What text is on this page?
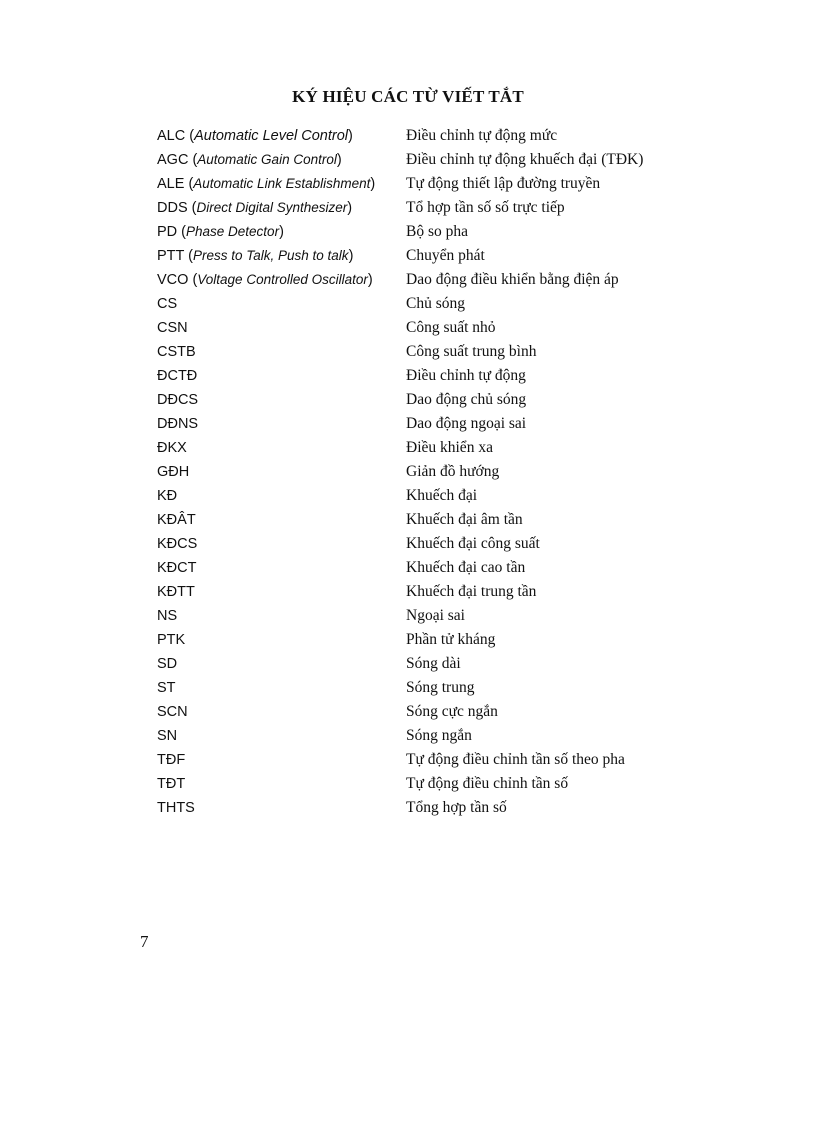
KÝ HIỆU CÁC TỪ VIẾT TẮT
ALC (Automatic Level Control)	Điều chỉnh tự động mức
AGC (Automatic Gain Control)	Điều chỉnh tự động khuếch đại (TĐK)
ALE (Automatic Link Establishment)	Tự động thiết lập đường truyền
DDS (Direct Digital Synthesizer)	Tổ hợp tần số số trực tiếp
PD (Phase Detector)	Bộ so pha
PTT (Press to Talk, Push to talk)	Chuyển phát
VCO (Voltage Controlled Oscillator)	Dao động điều khiển bằng điện áp
CS	Chủ sóng
CSN	Công suất nhỏ
CSTB	Công suất trung bình
ĐCTĐ	Điều chỉnh tự động
DĐCS	Dao động chủ sóng
DĐNS	Dao động ngoại sai
ĐKX	Điều khiển xa
GĐH	Giản đồ hướng
KĐ	Khuếch đại
KĐÂT	Khuếch đại âm tần
KĐCS	Khuếch đại công suất
KĐCT	Khuếch đại cao tần
KĐTT	Khuếch đại trung tần
NS	Ngoại sai
PTK	Phần tử kháng
SD	Sóng dài
ST	Sóng trung
SCN	Sóng cực ngắn
SN	Sóng ngắn
TĐF	Tự động điều chỉnh tần số theo pha
TĐT	Tự động điều chỉnh tần số
THTS	Tổng hợp tần số
7
